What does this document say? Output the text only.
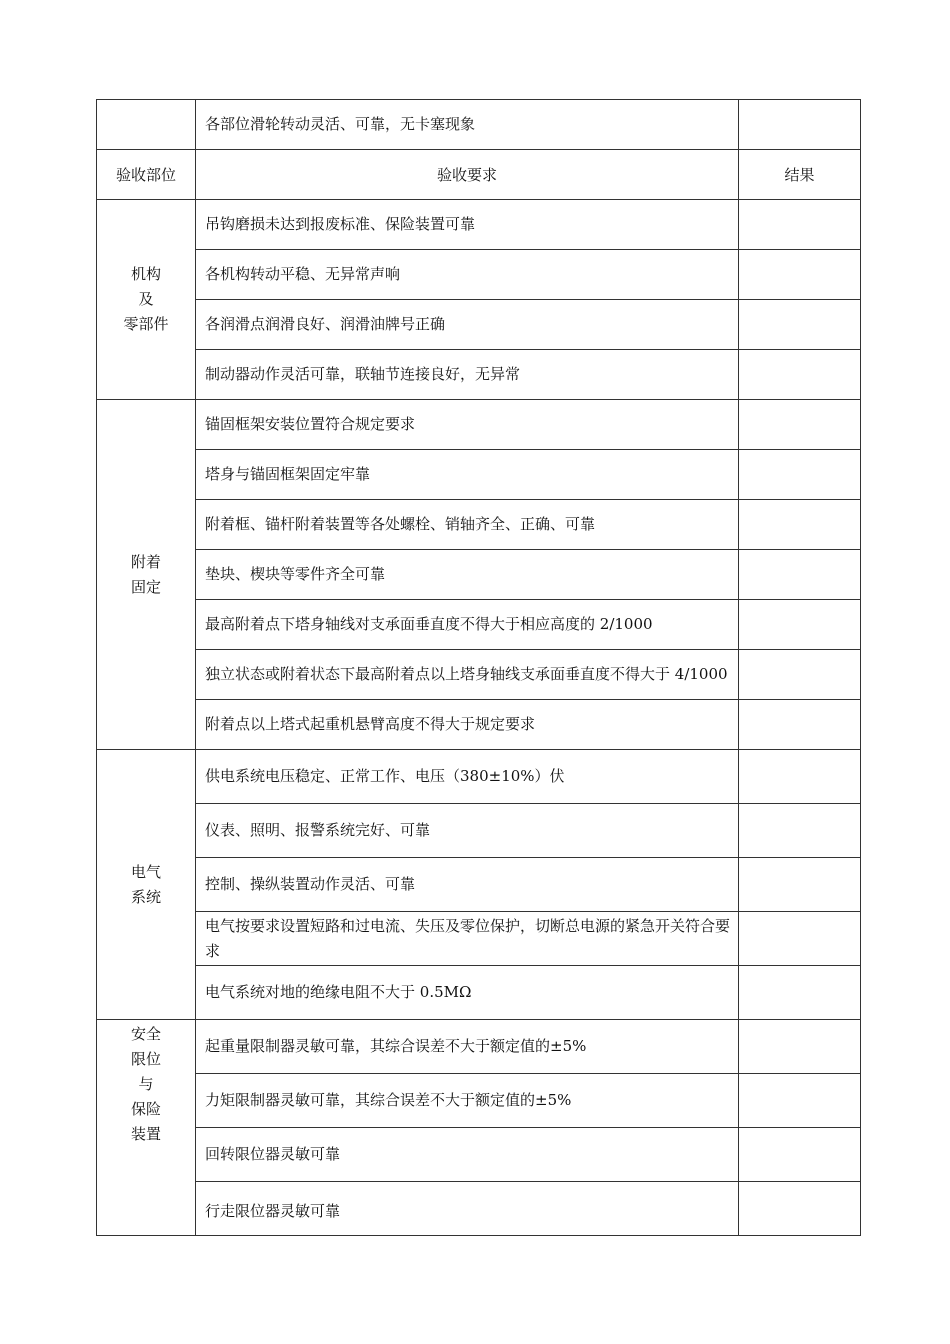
	各部位滑轮转动灵活、可靠，无卡塞现象	
验收部位	验收要求	结果

机构
及
零部件	吊钩磨损未达到报废标准、保险装置可靠	
	各机构转动平稳、无异常声响	
	各润滑点润滑良好、润滑油牌号正确	
	制动器动作灵活可靠，联轴节连接良好，无异常	

附着
固定	锚固框架安装位置符合规定要求	
	塔身与锚固框架固定牢靠	
	附着框、锚杆附着装置等各处螺栓、销轴齐全、正确、可靠	
	垫块、楔块等零件齐全可靠	
	最高附着点下塔身轴线对支承面垂直度不得大于相应高度的 2/1000	
	独立状态或附着状态下最高附着点以上塔身轴线支承面垂直度不得大于 4/1000	
	附着点以上塔式起重机悬臂高度不得大于规定要求	

电气
系统	供电系统电压稳定、正常工作、电压（380±10%）伏	
	仪表、照明、报警系统完好、可靠	
	控制、操纵装置动作灵活、可靠	
	电气按要求设置短路和过电流、失压及零位保护，切断总电源的紧急开关符合要求	
	电气系统对地的绝缘电阻不大于 0.5MΩ	

安全
限位
与
保险
装置	起重量限制器灵敏可靠，其综合误差不大于额定值的±5%	
	力矩限制器灵敏可靠，其综合误差不大于额定值的±5%	
	回转限位器灵敏可靠	
	行走限位器灵敏可靠	
